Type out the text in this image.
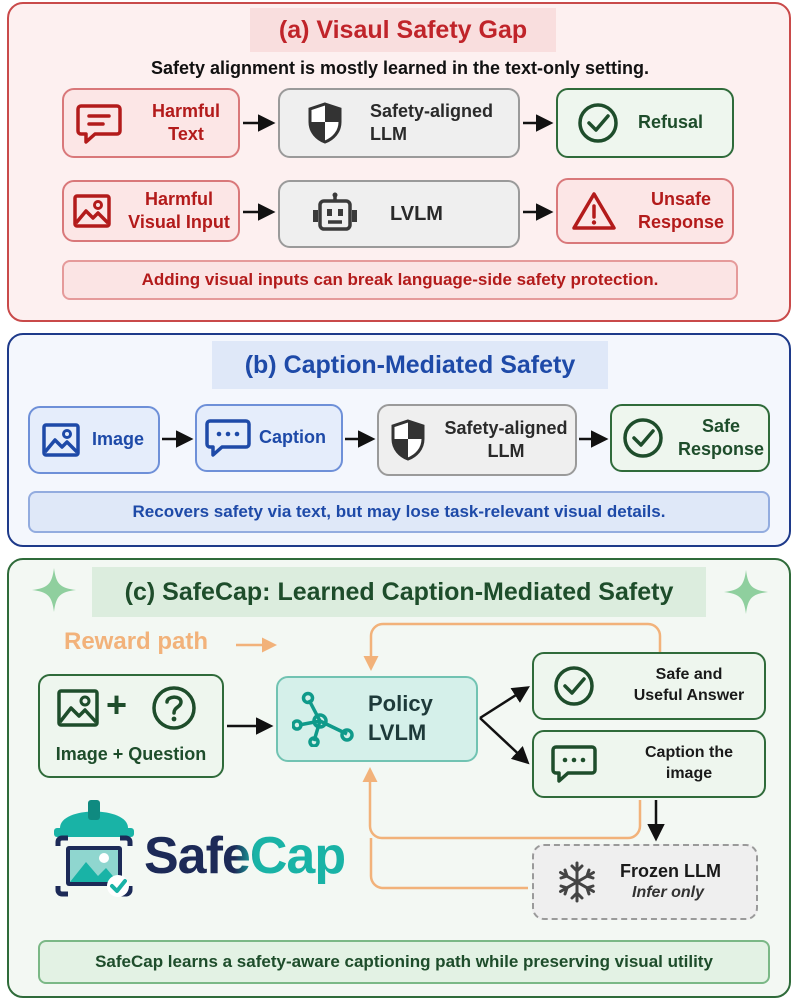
(a) Visaul Safety Gap
Safety alignment is mostly learned in the text-only setting.
Harmful
Text
Safety-aligned
LLM
Refusal
Harmful
Visual Input	LVLM
Unsafe
Response
Adding visual inputs can break language-side safety protection.
(b) Caption-Mediated Safety
Image	Caption	Safety-aligned
LLM
Safe
Response
Recovers safety via text, but may lose task-relevant visual details.
(c) SafeCap: Learned Caption-Mediated Safety
Reward path
+
Image + Question
Policy
LVLM
Safe and
Useful Answer
Caption the
image
Frozen LLM
Infer only
SafeCap
SafeCap learns a safety-aware captioning path while preserving visual utility
